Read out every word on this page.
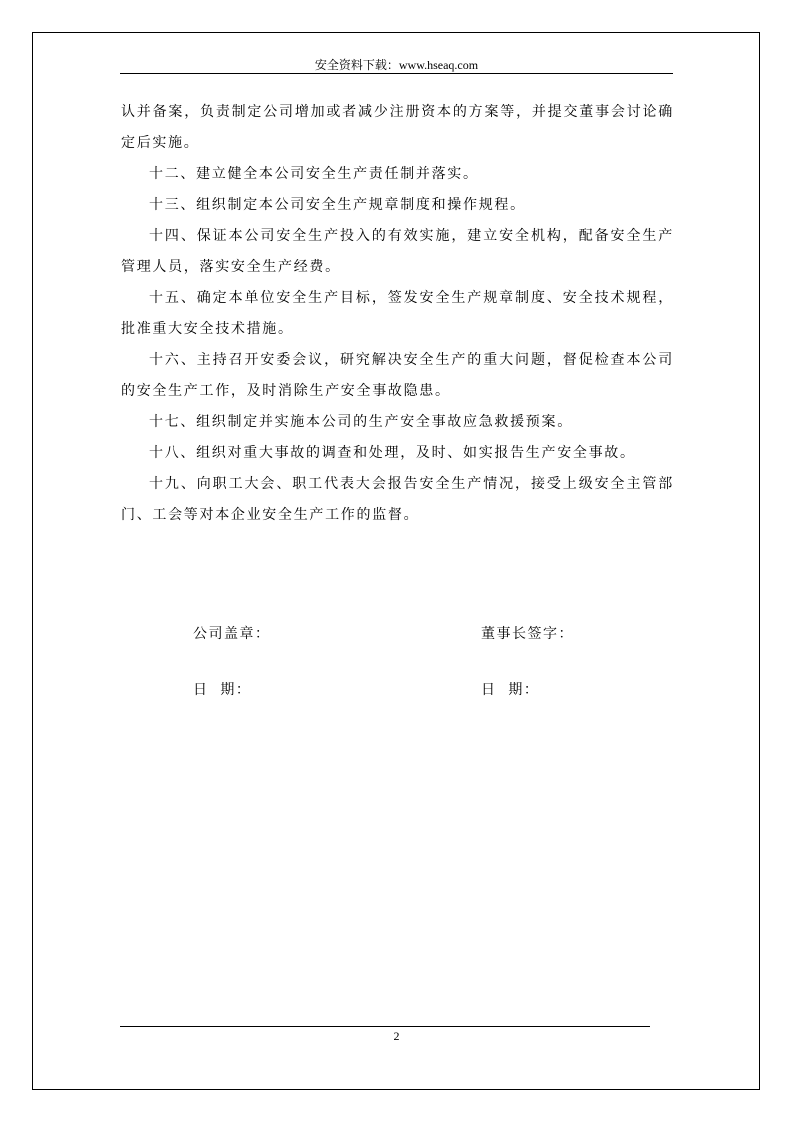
安全资料下载：www.hseaq.com

认并备案，负责制定公司增加或者减少注册资本的方案等，并提交董事会讨论确定后实施。

十二、建立健全本公司安全生产责任制并落实。

十三、组织制定本公司安全生产规章制度和操作规程。

十四、保证本公司安全生产投入的有效实施，建立安全机构，配备安全生产管理人员，落实安全生产经费。

十五、确定本单位安全生产目标，签发安全生产规章制度、安全技术规程，批准重大安全技术措施。

十六、主持召开安委会议，研究解决安全生产的重大问题，督促检查本公司的安全生产工作，及时消除生产安全事故隐患。

十七、组织制定并实施本公司的生产安全事故应急救援预案。

十八、组织对重大事故的调查和处理，及时、如实报告生产安全事故。

十九、向职工大会、职工代表大会报告安全生产情况，接受上级安全主管部门、工会等对本企业安全生产工作的监督。

公司盖章：	董事长签字：
日  期：	日  期：
2
